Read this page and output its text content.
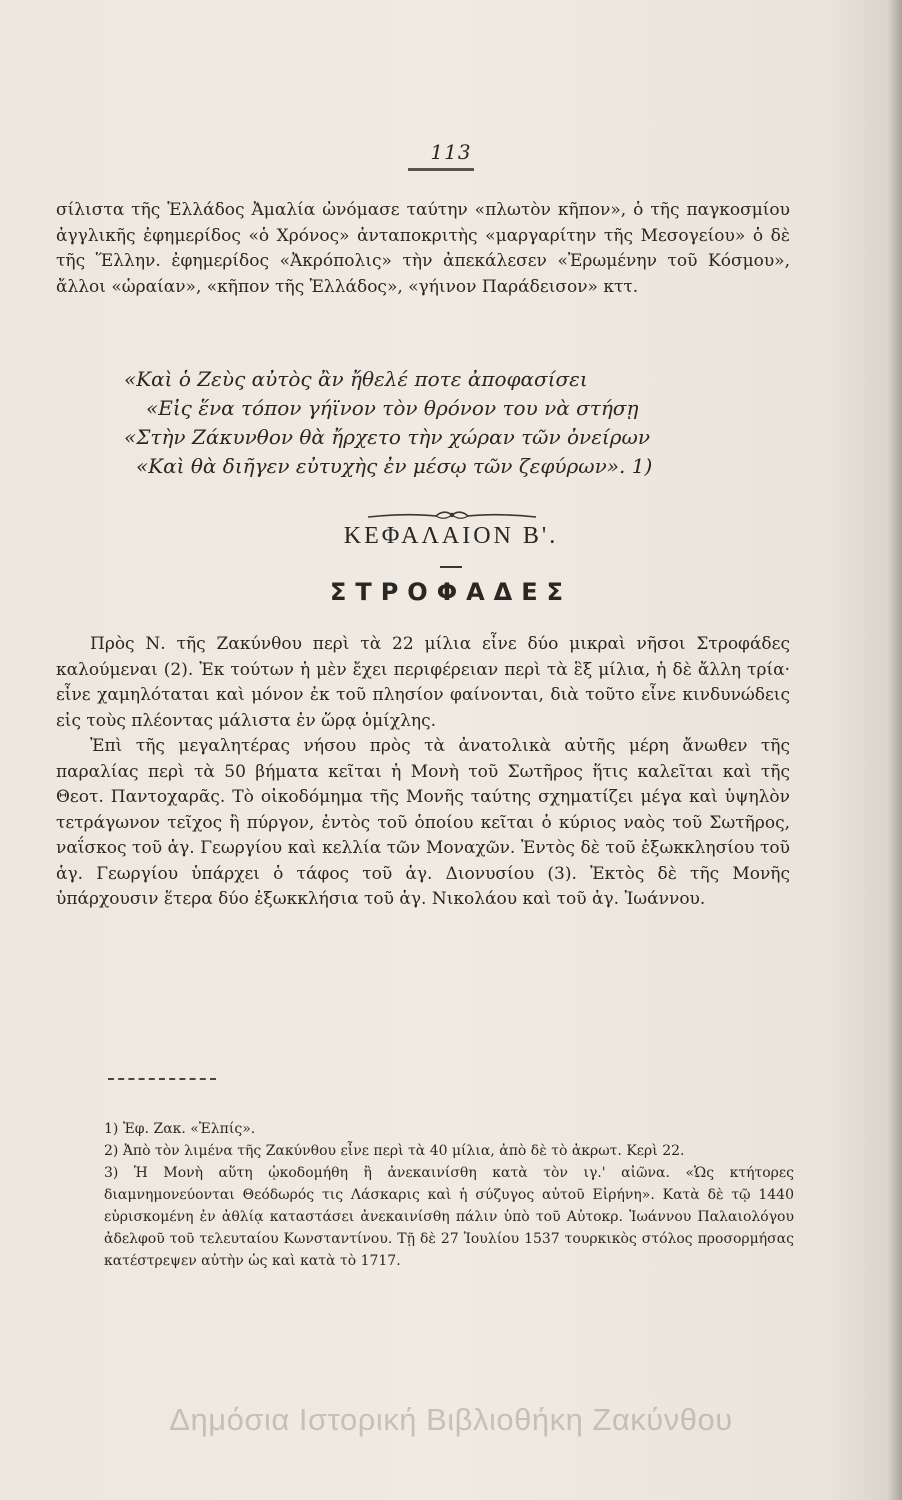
113

σίλιστα τῆς Ἑλλάδος Ἀμαλία ὠνόμασε ταύτην «πλωτὸν κῆπον», ὁ τῆς παγκοσμίου ἀγγλικῆς ἐφημερίδος «ὁ Χρόνος» ἀνταποκριτὴς «μαργαρίτην τῆς Μεσογείου» ὁ δὲ τῆς Ἕλλην. ἐφημερίδος «Ἀκρόπολις» τὴν ἀπεκάλεσεν «Ἐρωμένην τοῦ Κόσμου», ἄλλοι «ὡραίαν», «κῆπον τῆς Ἑλλάδος», «γήινον Παράδεισον» κττ.

«Καὶ ὁ Ζεὺς αὐτὸς ἂν ἤθελέ ποτε ἀποφασίσει
«Εἰς ἕνα τόπον γήϊνον τὸν θρόνον του νὰ στήσῃ
«Στὴν Ζάκυνθον θὰ ἤρχετο τὴν χώραν τῶν ὀνείρων
«Καὶ θὰ διῆγεν εὐτυχὴς ἐν μέσῳ τῶν ζεφύρων». 1)
ΚΕΦΑΛΑΙΟΝ Β'.
ΣΤΡΟΦΑΔΕΣ

Πρὸς Ν. τῆς Ζακύνθου περὶ τὰ 22 μίλια εἶνε δύο μικραὶ νῆσοι Στροφάδες καλούμεναι (2). Ἐκ τούτων ἡ μὲν ἔχει περιφέρειαν περὶ τὰ ἓξ μίλια, ἡ δὲ ἄλλη τρία· εἶνε χαμηλόταται καὶ μόνον ἐκ τοῦ πλησίον φαίνονται, διὰ τοῦτο εἶνε κινδυνώδεις εἰς τοὺς πλέοντας μάλιστα ἐν ὥρᾳ ὁμίχλης.

Ἐπὶ τῆς μεγαλητέρας νήσου πρὸς τὰ ἀνατολικὰ αὐτῆς μέρη ἄνωθεν τῆς παραλίας περὶ τὰ 50 βήματα κεῖται ἡ Μονὴ τοῦ Σωτῆρος ἥτις καλεῖται καὶ τῆς Θεοτ. Παντοχαρᾶς. Τὸ οἰκοδόμημα τῆς Μονῆς ταύτης σχηματίζει μέγα καὶ ὑψηλὸν τετράγωνον τεῖχος ἢ πύργον, ἐντὸς τοῦ ὁποίου κεῖται ὁ κύριος ναὸς τοῦ Σωτῆρος, ναΐσκος τοῦ ἁγ. Γεωργίου καὶ κελλία τῶν Μοναχῶν. Ἐντὸς δὲ τοῦ ἐξωκκλησίου τοῦ ἁγ. Γεωργίου ὑπάρχει ὁ τάφος τοῦ ἁγ. Διονυσίου (3). Ἐκτὸς δὲ τῆς Μονῆς ὑπάρχουσιν ἕτερα δύο ἐξωκκλήσια τοῦ ἁγ. Νικολάου καὶ τοῦ ἁγ. Ἰωάννου.

1) Ἐφ. Ζακ. «Ἐλπίς».

2) Ἀπὸ τὸν λιμένα τῆς Ζακύνθου εἶνε περὶ τὰ 40 μίλια, ἀπὸ δὲ τὸ ἀκρωτ. Κερὶ 22.

3) Ἡ Μονὴ αὕτη ᾠκοδομήθη ἢ ἀνεκαινίσθη κατὰ τὸν ιγ.' αἰῶνα. «Ὡς κτήτορες διαμνημονεύονται Θεόδωρός τις Λάσκαρις καὶ ἡ σύζυγος αὐτοῦ Εἰρήνη». Κατὰ δὲ τῷ 1440 εὑρισκομένη ἐν ἀθλίᾳ καταστάσει ἀνεκαινίσθη πάλιν ὑπὸ τοῦ Αὐτοκρ. Ἰωάννου Παλαιολόγου ἀδελφοῦ τοῦ τελευταίου Κωνσταντίνου. Τῇ δὲ 27 Ἰουλίου 1537 τουρκικὸς στόλος προσορμήσας κατέστρεψεν αὐτὴν ὡς καὶ κατὰ τὸ 1717.

Δημόσια Ιστορική Βιβλιοθήκη Ζακύνθου
